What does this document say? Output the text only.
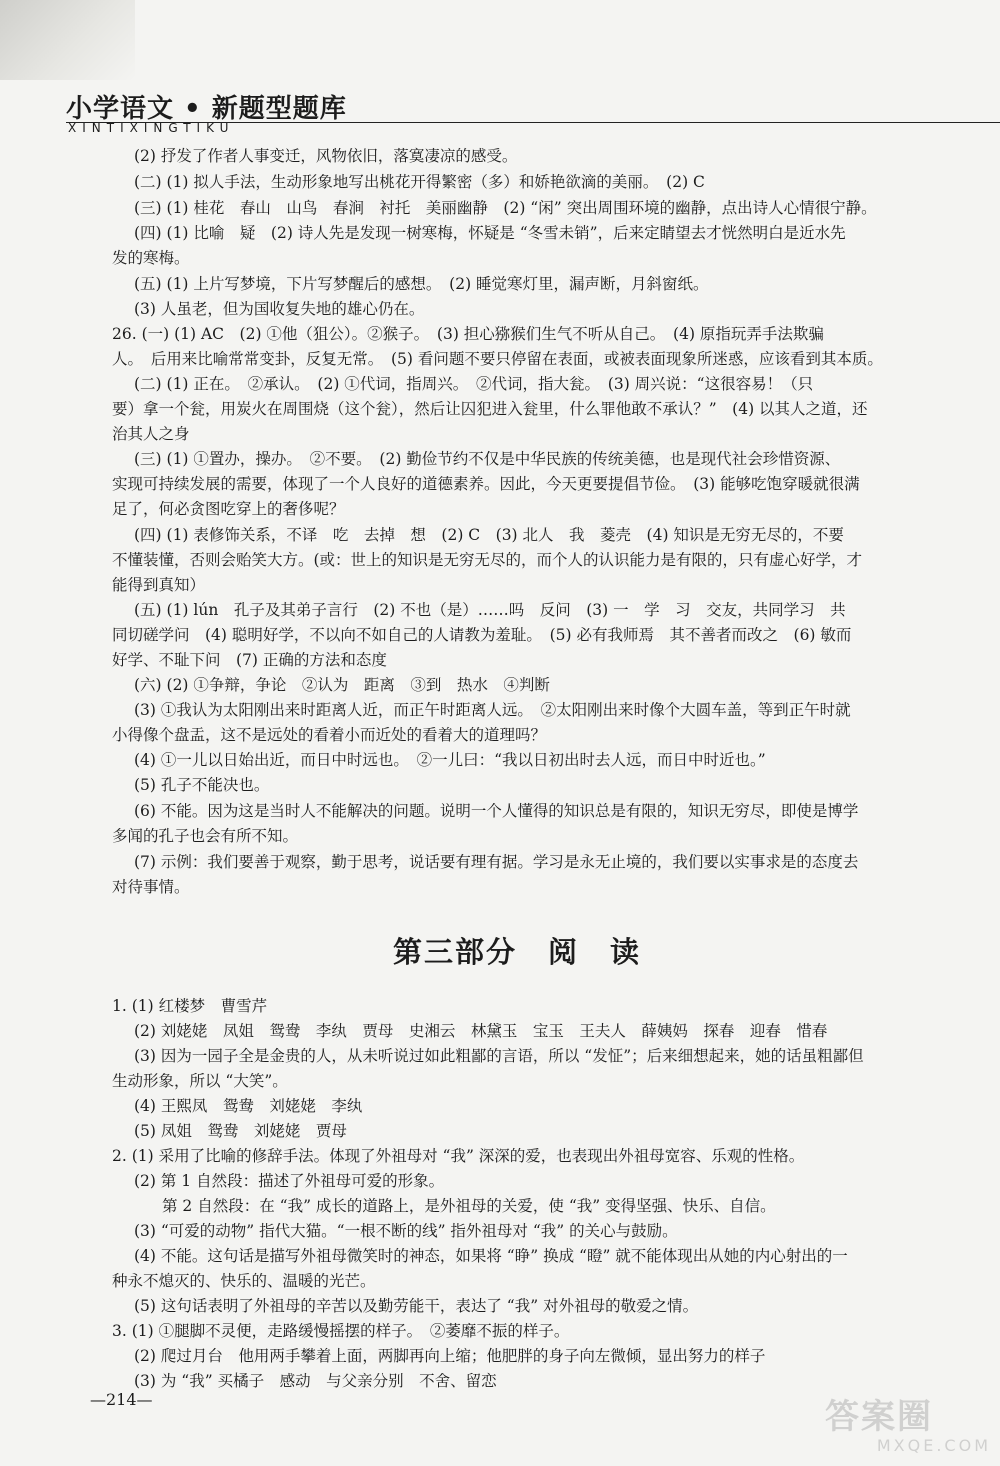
小学语文 • 新题型题库
XINTIXINGTIKU
(2) 抒发了作者人事变迁，风物依旧，落寞凄凉的感受。
(二) (1) 拟人手法，生动形象地写出桃花开得繁密（多）和娇艳欲滴的美丽。　(2) C
(三) (1) 桂花　春山　山鸟　春涧　衬托　美丽幽静　(2) “闲” 突出周围环境的幽静，点出诗人心情很宁静。
(四) (1) 比喻　疑　(2) 诗人先是发现一树寒梅，怀疑是 “冬雪未销”，后来定睛望去才恍然明白是近水先
发的寒梅。
(五) (1) 上片写梦境，下片写梦醒后的感想。　(2) 睡觉寒灯里，漏声断，月斜窗纸。
(3) 人虽老，但为国收复失地的雄心仍在。
26. (一) (1) AC　(2) ①他（狙公）。②猴子。　(3) 担心猕猴们生气不听从自己。　(4) 原指玩弄手法欺骗
人。　后用来比喻常常变卦，反复无常。　(5) 看问题不要只停留在表面，或被表面现象所迷惑，应该看到其本质。
(二) (1) 正在。　②承认。　(2) ①代词，指周兴。　②代词，指大瓮。　(3) 周兴说：“这很容易！（只
要）拿一个瓮，用炭火在周围烧（这个瓮），然后让囚犯进入瓮里，什么罪他敢不承认？”　(4) 以其人之道，还
治其人之身
(三) (1) ①置办，操办。　②不要。　(2) 勤俭节约不仅是中华民族的传统美德，也是现代社会珍惜资源、
实现可持续发展的需要，体现了一个人良好的道德素养。因此，今天更要提倡节俭。　(3) 能够吃饱穿暖就很满
足了，何必贪图吃穿上的奢侈呢？
(四) (1) 表修饰关系，不译　吃　去掉　想　(2) C　(3) 北人　我　菱壳　(4) 知识是无穷无尽的，不要
不懂装懂，否则会贻笑大方。(或：世上的知识是无穷无尽的，而个人的认识能力是有限的，只有虚心好学，才
能得到真知）
(五) (1) lún　孔子及其弟子言行　(2) 不也（是）……吗　反问　(3) 一　学　习　交友，共同学习　共
同切磋学问　(4) 聪明好学，不以向不如自己的人请教为羞耻。　(5) 必有我师焉　其不善者而改之　(6) 敏而
好学、不耻下问　(7) 正确的方法和态度
(六) (2) ①争辩，争论　②认为　距离　③到　热水　④判断
(3) ①我认为太阳刚出来时距离人近，而正午时距离人远。　②太阳刚出来时像个大圆车盖，等到正午时就
小得像个盘盂，这不是远处的看着小而近处的看着大的道理吗？
(4) ①一儿以日始出近，而日中时远也。　②一儿曰：“我以日初出时去人远，而日中时近也。”
(5) 孔子不能决也。
(6) 不能。因为这是当时人不能解决的问题。说明一个人懂得的知识总是有限的，知识无穷尽，即使是博学
多闻的孔子也会有所不知。
(7) 示例：我们要善于观察，勤于思考，说话要有理有据。学习是永无止境的，我们要以实事求是的态度去
对待事情。
第三部分　阅　读
1. (1) 红楼梦　曹雪芹
(2) 刘姥姥　凤姐　鸳鸯　李纨　贾母　史湘云　林黛玉　宝玉　王夫人　薛姨妈　探春　迎春　惜春
(3) 因为一园子全是金贵的人，从未听说过如此粗鄙的言语，所以 “发怔”；后来细想起来，她的话虽粗鄙但
生动形象，所以 “大笑”。
(4) 王熙凤　鸳鸯　刘姥姥　李纨
(5) 凤姐　鸳鸯　刘姥姥　贾母
2. (1) 采用了比喻的修辞手法。体现了外祖母对 “我” 深深的爱，也表现出外祖母宽容、乐观的性格。
(2) 第 1 自然段：描述了外祖母可爱的形象。
第 2 自然段：在 “我” 成长的道路上，是外祖母的关爱，使 “我” 变得坚强、快乐、自信。
(3) “可爱的动物” 指代大猫。“一根不断的线” 指外祖母对 “我” 的关心与鼓励。
(4) 不能。这句话是描写外祖母微笑时的神态，如果将 “睁” 换成 “瞪” 就不能体现出从她的内心射出的一
种永不熄灭的、快乐的、温暖的光芒。
(5) 这句话表明了外祖母的辛苦以及勤劳能干，表达了 “我” 对外祖母的敬爱之情。
3. (1) ①腿脚不灵便，走路缓慢摇摆的样子。　②萎靡不振的样子。
(2) 爬过月台　他用两手攀着上面，两脚再向上缩；他肥胖的身子向左微倾，显出努力的样子
(3) 为 “我” 买橘子　感动　与父亲分别　不舍、留恋
—214—	答案圈
MXQE.COM
